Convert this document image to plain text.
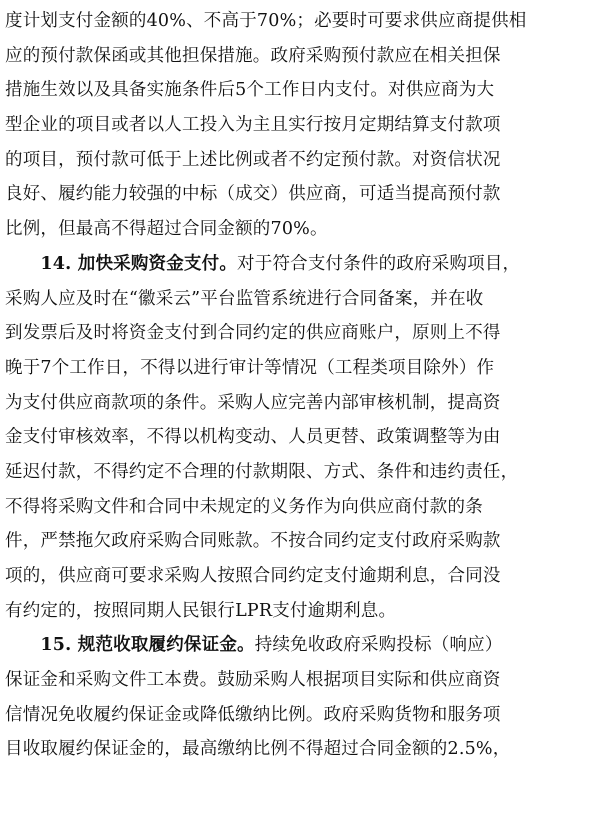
度计划支付金额的40%、不高于70%；必要时可要求供应商提供相
应的预付款保函或其他担保措施。政府采购预付款应在相关担保
措施生效以及具备实施条件后5个工作日内支付。对供应商为大
型企业的项目或者以人工投入为主且实行按月定期结算支付款项
的项目，预付款可低于上述比例或者不约定预付款。对资信状况
良好、履约能力较强的中标（成交）供应商，可适当提高预付款
比例，但最高不得超过合同金额的70%。
　　14. 加快采购资金支付。对于符合支付条件的政府采购项目，
采购人应及时在“徽采云”平台监管系统进行合同备案，并在收
到发票后及时将资金支付到合同约定的供应商账户，原则上不得
晚于7个工作日，不得以进行审计等情况（工程类项目除外）作
为支付供应商款项的条件。采购人应完善内部审核机制，提高资
金支付审核效率，不得以机构变动、人员更替、政策调整等为由
延迟付款，不得约定不合理的付款期限、方式、条件和违约责任，
不得将采购文件和合同中未规定的义务作为向供应商付款的条
件，严禁拖欠政府采购合同账款。不按合同约定支付政府采购款
项的，供应商可要求采购人按照合同约定支付逾期利息，合同没
有约定的，按照同期人民银行LPR支付逾期利息。
　　15. 规范收取履约保证金。持续免收政府采购投标（响应）
保证金和采购文件工本费。鼓励采购人根据项目实际和供应商资
信情况免收履约保证金或降低缴纳比例。政府采购货物和服务项
目收取履约保证金的，最高缴纳比例不得超过合同金额的2.5%，
